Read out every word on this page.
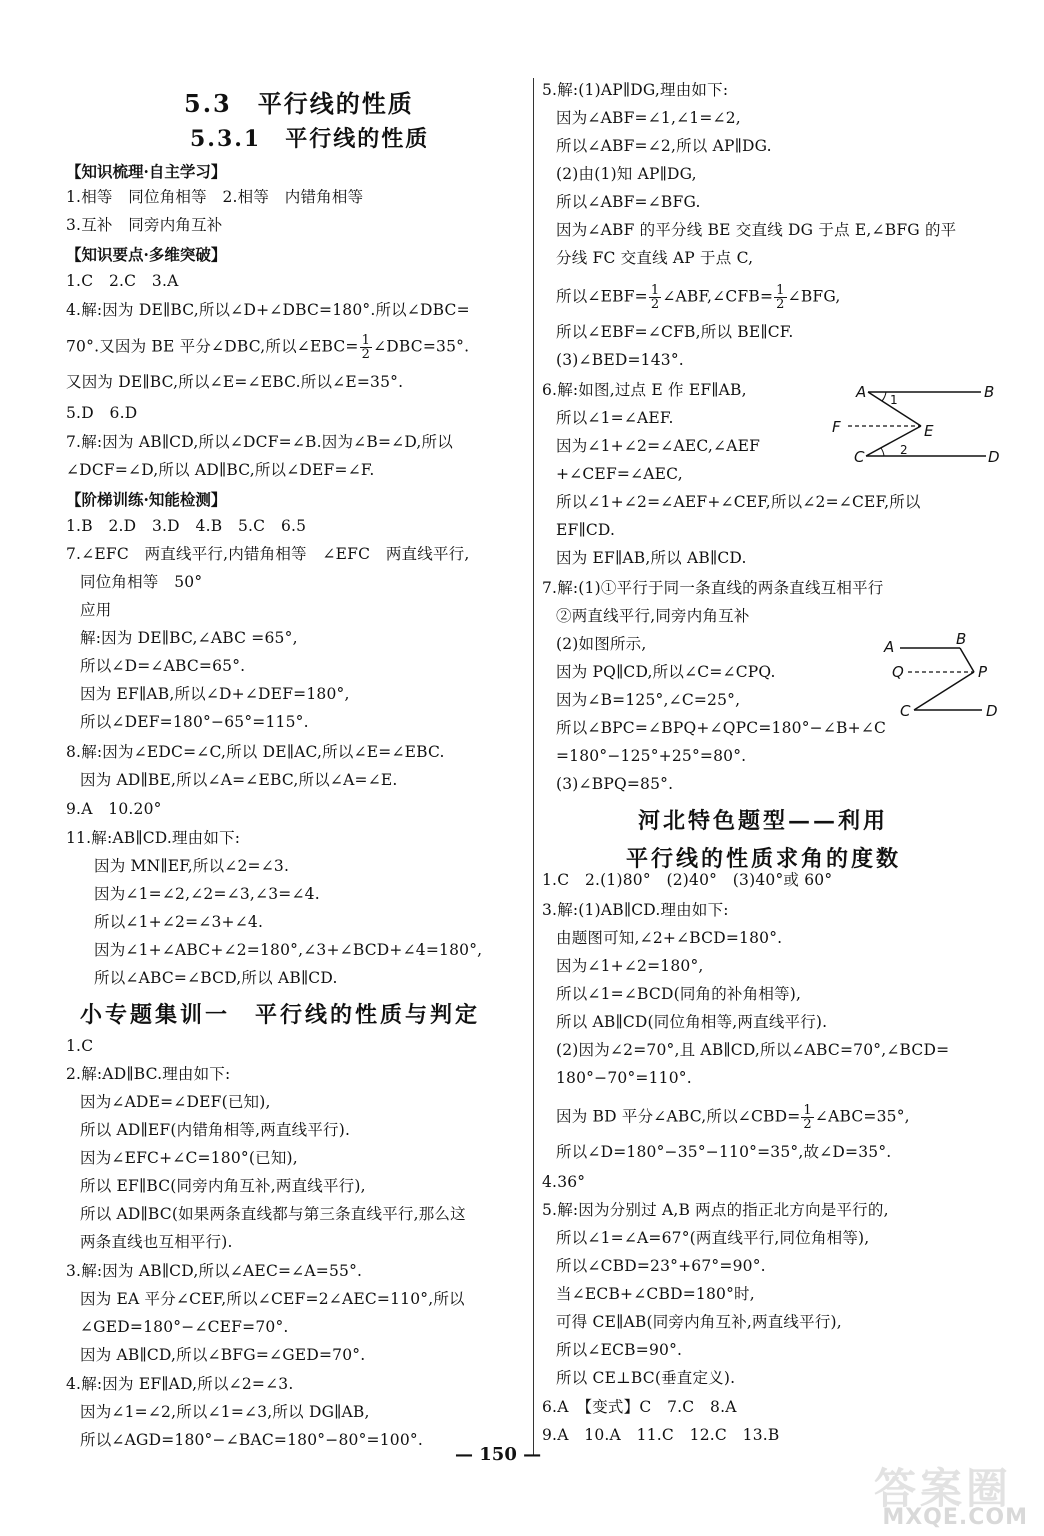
5.3　平行线的性质
5.3.1　平行线的性质
【知识梳理·自主学习】
1.相等　同位角相等　2.相等　内错角相等
3.互补　同旁内角互补
【知识要点·多维突破】
1.C　2.C　3.A
4.解:因为 DE∥BC,所以∠D+∠DBC=180°.所以∠DBC=
70°.又因为 BE 平分∠DBC,所以∠EBC= $\frac{1}{2}$ ∠DBC=35°.
又因为 DE∥BC,所以∠E=∠EBC.所以∠E=35°.
5.D　6.D
7.解:因为 AB∥CD,所以∠DCF=∠B.因为∠B=∠D,所以
∠DCF=∠D,所以 AD∥BC,所以∠DEF=∠F.
【阶梯训练·知能检测】
1.B　2.D　3.D　4.B　5.C　6.5
7.∠EFC　两直线平行,内错角相等　∠EFC　两直线平行,
同位角相等　50°
应用
解:因为 DE∥BC,∠ABC =65°,
所以∠D=∠ABC=65°.
因为 EF∥AB,所以∠D+∠DEF=180°,
所以∠DEF=180°−65°=115°.
8.解:因为∠EDC=∠C,所以 DE∥AC,所以∠E=∠EBC.
因为 AD∥BE,所以∠A=∠EBC,所以∠A=∠E.
9.A　10.20°
11.解:AB∥CD.理由如下:
因为 MN∥EF,所以∠2=∠3.
因为∠1=∠2,∠2=∠3,∠3=∠4.
所以∠1+∠2=∠3+∠4.
因为∠1+∠ABC+∠2=180°,∠3+∠BCD+∠4=180°,
所以∠ABC=∠BCD,所以 AB∥CD.
小专题集训一　平行线的性质与判定
1.C
2.解:AD∥BC.理由如下:
因为∠ADE=∠DEF(已知),
所以 AD∥EF(内错角相等,两直线平行).
因为∠EFC+∠C=180°(已知),
所以 EF∥BC(同旁内角互补,两直线平行),
所以 AD∥BC(如果两条直线都与第三条直线平行,那么这
两条直线也互相平行).
3.解:因为 AB∥CD,所以∠AEC=∠A=55°.
因为 EA 平分∠CEF,所以∠CEF=2∠AEC=110°,所以
∠GED=180°−∠CEF=70°.
因为 AB∥CD,所以∠BFG=∠GED=70°.
4.解:因为 EF∥AD,所以∠2=∠3.
因为∠1=∠2,所以∠1=∠3,所以 DG∥AB,
所以∠AGD=180°−∠BAC=180°−80°=100°.
5.解:(1)AP∥DG,理由如下:
因为∠ABF=∠1,∠1=∠2,
所以∠ABF=∠2,所以 AP∥DG.
(2)由(1)知 AP∥DG,
所以∠ABF=∠BFG.
因为∠ABF 的平分线 BE 交直线 DG 于点 E,∠BFG 的平
分线 FC 交直线 AP 于点 C,
所以∠EBF= $\frac{1}{2}$ ∠ABF,∠CFB= $\frac{1}{2}$ ∠BFG,
所以∠EBF=∠CFB,所以 BE∥CF.
(3)∠BED=143°.
6.解:如图,过点 E 作 EF∥AB,
所以∠1=∠AEF.
因为∠1+∠2=∠AEC,∠AEF
+∠CEF=∠AEC,
所以∠1+∠2=∠AEF+∠CEF,所以∠2=∠CEF,所以
EF∥CD.
因为 EF∥AB,所以 AB∥CD.
7.解:(1)①平行于同一条直线的两条直线互相平行
②两直线平行,同旁内角互补
(2)如图所示,
因为 PQ∥CD,所以∠C=∠CPQ.
因为∠B=125°,∠C=25°,
所以∠BPC=∠BPQ+∠QPC=180°−∠B+∠C
=180°−125°+25°=80°.
(3)∠BPQ=85°.
河北特色题型——利用
平行线的性质求角的度数
1.C　2.(1)80°　(2)40°　(3)40°或 60°
3.解:(1)AB∥CD.理由如下:
由题图可知,∠2+∠BCD=180°.
因为∠1+∠2=180°,
所以∠1=∠BCD(同角的补角相等),
所以 AB∥CD(同位角相等,两直线平行).
(2)因为∠2=70°,且 AB∥CD,所以∠ABC=70°,∠BCD=
180°−70°=110°.
因为 BD 平分∠ABC,所以∠CBD= $\frac{1}{2}$ ∠ABC=35°,
所以∠D=180°−35°−110°=35°,故∠D=35°.
4.36°
5.解:因为分别过 A,B 两点的指正北方向是平行的,
所以∠1=∠A=67°(两直线平行,同位角相等),
所以∠CBD=23°+67°=90°.
当∠ECB+∠CBD=180°时,
可得 CE∥AB(同旁内角互补,两直线平行),
所以∠ECB=90°.
所以 CE⊥BC(垂直定义).
6.A　【变式】C　7.C　8.A
9.A　10.A　11.C　12.C　13.B
A	B
C	D
E
F
1
2
A	B
C	D
P
Q
— 150 —
答案圈
MXQE.COM
